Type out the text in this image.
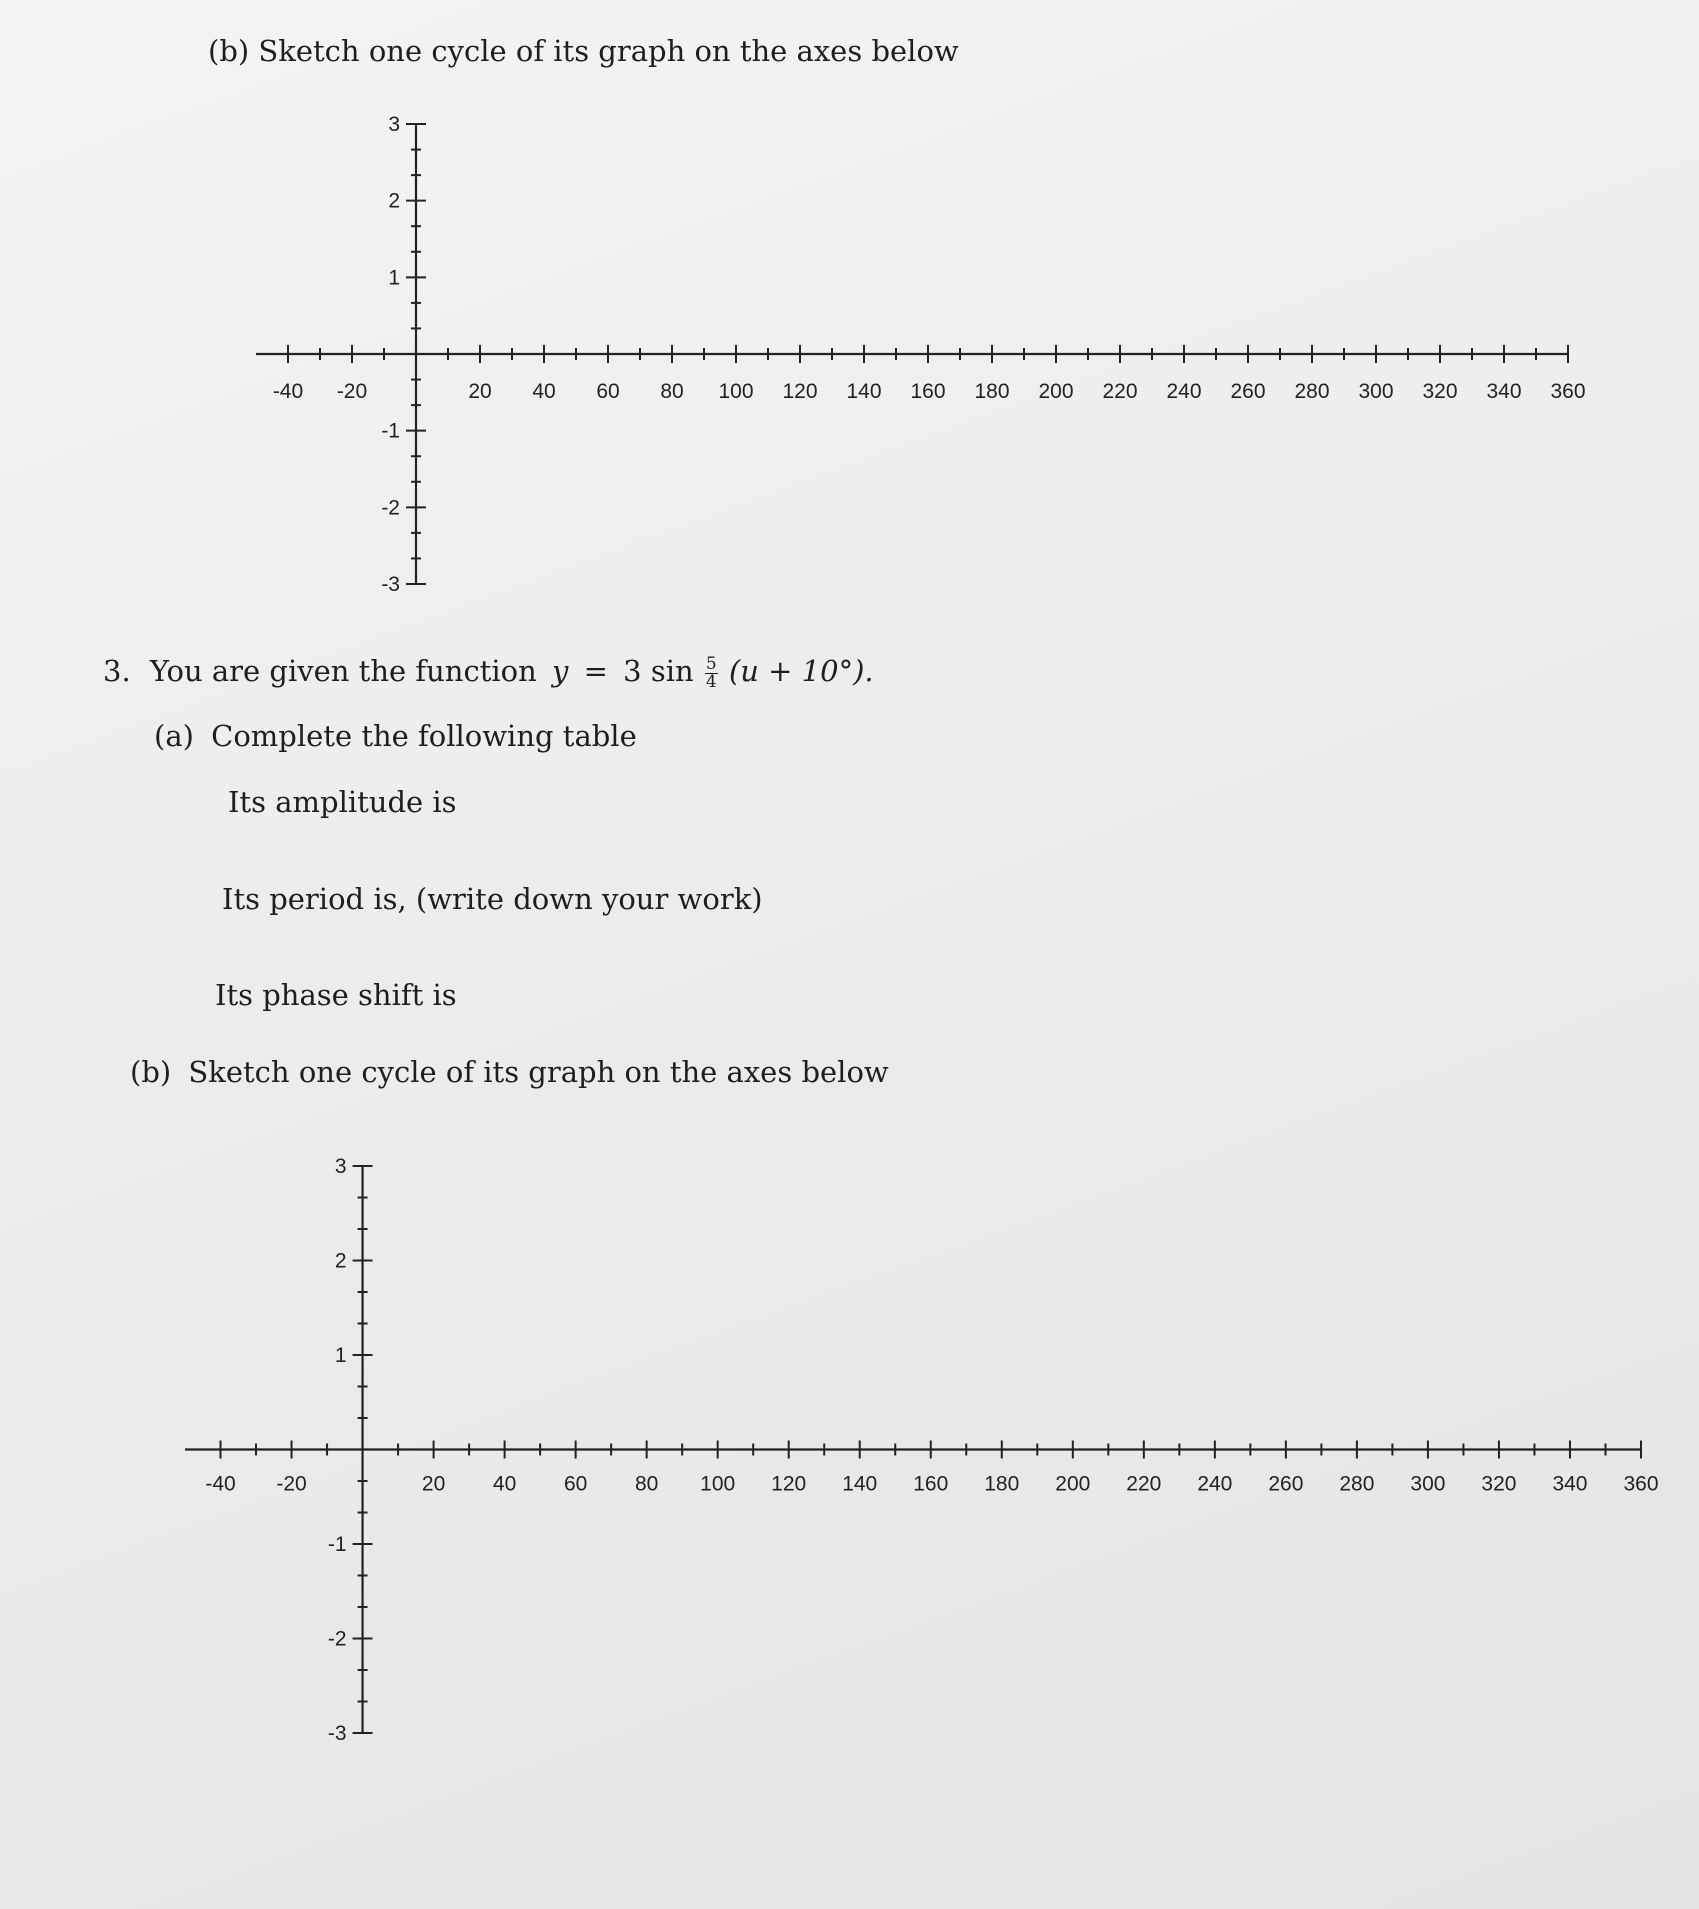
(b) Sketch one cycle of its graph on the axes below
-40 -20	20 40 60 80 100 120 140 160 180 200 220 240 260 280 300 320 340 360
3
2
1
-1
-2
-3
3. You are given the function y = 3 $\sin \frac{5}{4} (u + 10^\circ)$.
(a) Complete the following table
Its amplitude is
Its period is, (write down your work)
Its phase shift is
(b) Sketch one cycle of its graph on the axes below
-40 -20	20 40 60 80 100 120 140 160 180 200 220 240 260 280 300 320 340 360
3
2
1
-1
-2
-3
